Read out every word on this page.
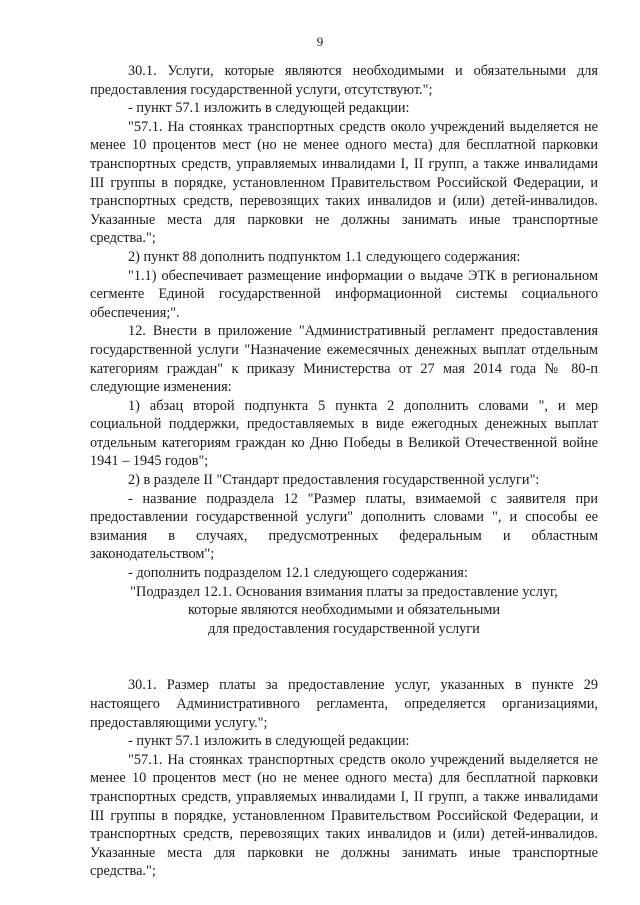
9

30.1. Услуги, которые являются необходимыми и обязательными для предоставления государственной услуги, отсутствуют.";

- пункт 57.1 изложить в следующей редакции:

"57.1. На стоянках транспортных средств около учреждений выделяется не менее 10 процентов мест (но не менее одного места) для бесплатной парковки транспортных средств, управляемых инвалидами I, II групп, а также инвалидами III группы в порядке, установленном Правительством Российской Федерации, и транспортных средств, перевозящих таких инвалидов и (или) детей-инвалидов. Указанные места для парковки не должны занимать иные транспортные средства.";

2) пункт 88 дополнить подпунктом 1.1 следующего содержания:

"1.1) обеспечивает размещение информации о выдаче ЭТК в региональном сегменте Единой государственной информационной системы социального обеспечения;".

12. Внести в приложение "Административный регламент предоставления государственной услуги "Назначение ежемесячных денежных выплат отдельным категориям граждан" к приказу Министерства от 27 мая 2014 года № 80-п следующие изменения:

1) абзац второй подпункта 5 пункта 2 дополнить словами ", и мер социальной поддержки, предоставляемых в виде ежегодных денежных выплат отдельным категориям граждан ко Дню Победы в Великой Отечественной войне 1941 – 1945 годов";

2) в разделе II "Стандарт предоставления государственной услуги":

- название подраздела 12 "Размер платы, взимаемой с заявителя при предоставлении государственной услуги" дополнить словами ", и способы ее взимания в случаях, предусмотренных федеральным и областным законодательством";

- дополнить подразделом 12.1 следующего содержания:

"Подраздел 12.1. Основания взимания платы за предоставление услуг,

которые являются необходимыми и обязательными

для предоставления государственной услуги

30.1. Размер платы за предоставление услуг, указанных в пункте 29 настоящего Административного регламента, определяется организациями, предоставляющими услугу.";

- пункт 57.1 изложить в следующей редакции:

"57.1. На стоянках транспортных средств около учреждений выделяется не менее 10 процентов мест (но не менее одного места) для бесплатной парковки транспортных средств, управляемых инвалидами I, II групп, а также инвалидами III группы в порядке, установленном Правительством Российской Федерации, и транспортных средств, перевозящих таких инвалидов и (или) детей-инвалидов. Указанные места для парковки не должны занимать иные транспортные средства.";
